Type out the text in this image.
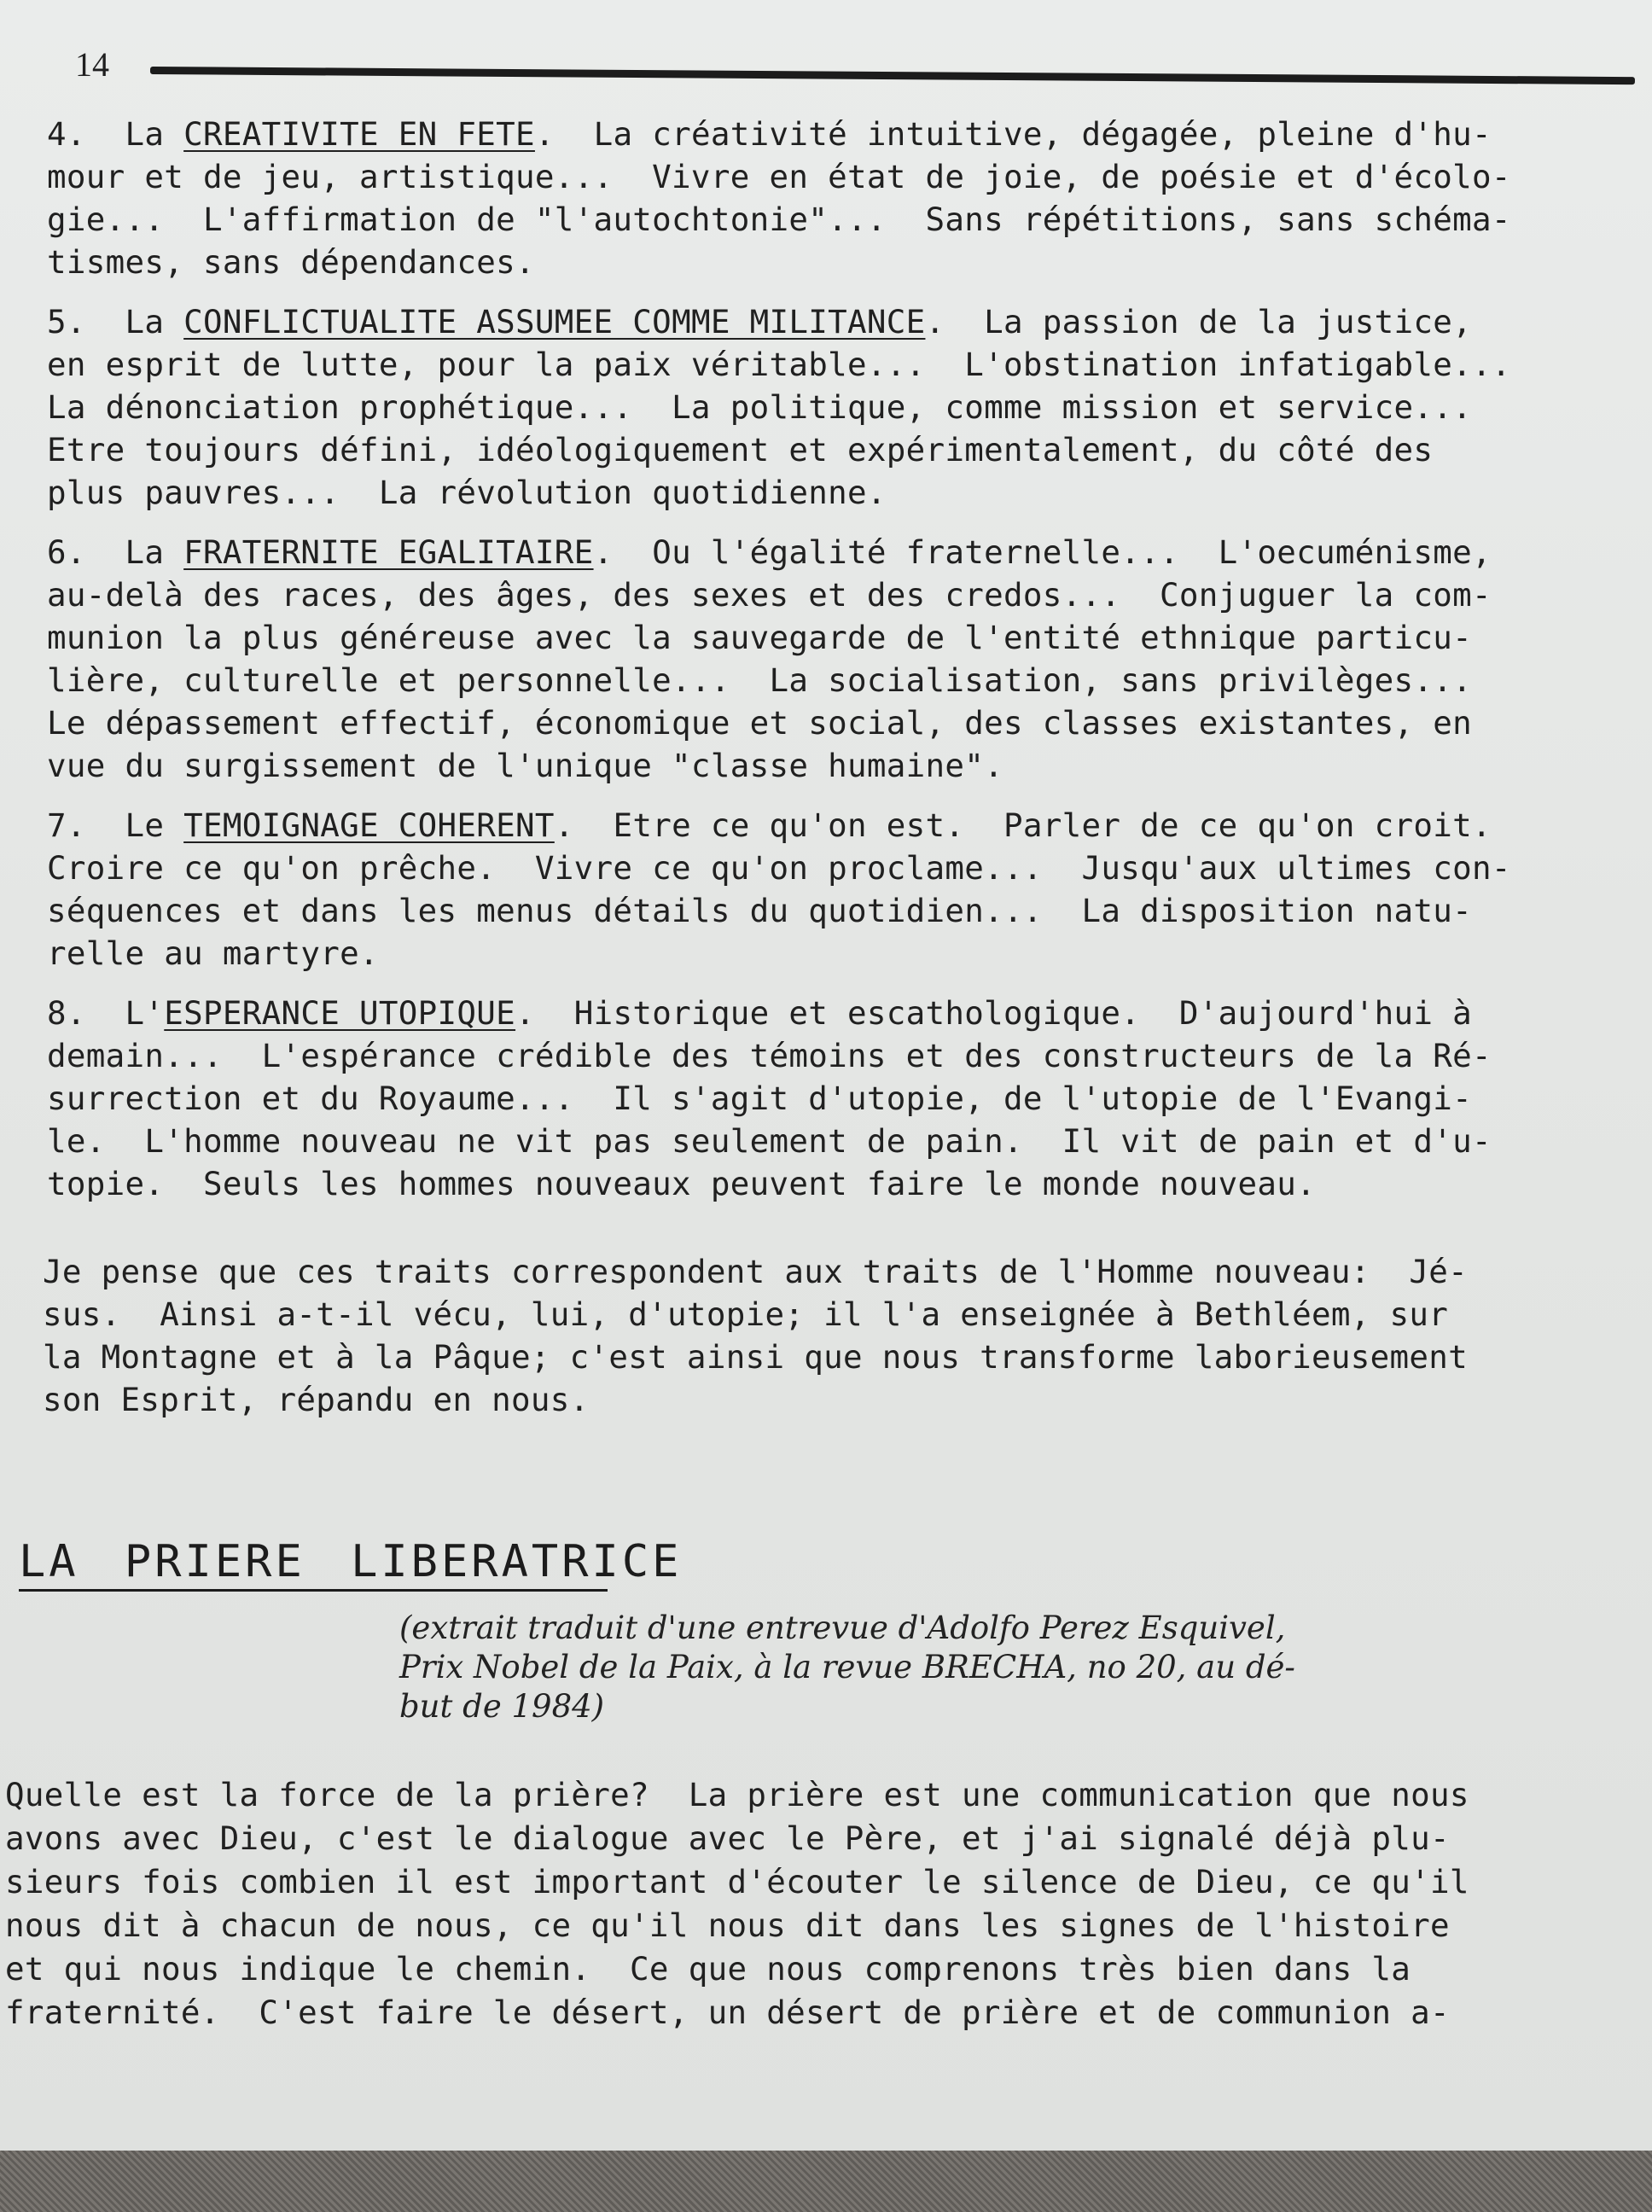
14
4.  La CREATIVITE EN FETE.  La créativité intuitive, dégagée, pleine d'hu-
mour et de jeu, artistique...  Vivre en état de joie, de poésie et d'écolo-
gie...  L'affirmation de "l'autochtonie"...  Sans répétitions, sans schéma-
tismes, sans dépendances.
5.  La CONFLICTUALITE ASSUMEE COMME MILITANCE.  La passion de la justice,
en esprit de lutte, pour la paix véritable...  L'obstination infatigable...
La dénonciation prophétique...  La politique, comme mission et service...
Etre toujours défini, idéologiquement et expérimentalement, du côté des
plus pauvres...  La révolution quotidienne.
6.  La FRATERNITE EGALITAIRE.  Ou l'égalité fraternelle...  L'oecuménisme,
au-delà des races, des âges, des sexes et des credos...  Conjuguer la com-
munion la plus généreuse avec la sauvegarde de l'entité ethnique particu-
lière, culturelle et personnelle...  La socialisation, sans privilèges...
Le dépassement effectif, économique et social, des classes existantes, en
vue du surgissement de l'unique "classe humaine".
7.  Le TEMOIGNAGE COHERENT.  Etre ce qu'on est.  Parler de ce qu'on croit.
Croire ce qu'on prêche.  Vivre ce qu'on proclame...  Jusqu'aux ultimes con-
séquences et dans les menus détails du quotidien...  La disposition natu-
relle au martyre.
8.  L'ESPERANCE UTOPIQUE.  Historique et escathologique.  D'aujourd'hui à
demain...  L'espérance crédible des témoins et des constructeurs de la Ré-
surrection et du Royaume...  Il s'agit d'utopie, de l'utopie de l'Evangi-
le.  L'homme nouveau ne vit pas seulement de pain.  Il vit de pain et d'u-
topie.  Seuls les hommes nouveaux peuvent faire le monde nouveau.
Je pense que ces traits correspondent aux traits de l'Homme nouveau:  Jé-
sus.  Ainsi a-t-il vécu, lui, d'utopie; il l'a enseignée à Bethléem, sur
la Montagne et à la Pâque; c'est ainsi que nous transforme laborieusement
son Esprit, répandu en nous.
LA PRIERE LIBERATRICE
(extrait traduit d'une entrevue d'Adolfo Perez Esquivel,
Prix Nobel de la Paix, à la revue BRECHA, no 20, au dé-
but de 1984)
Quelle est la force de la prière?  La prière est une communication que nous
avons avec Dieu, c'est le dialogue avec le Père, et j'ai signalé déjà plu-
sieurs fois combien il est important d'écouter le silence de Dieu, ce qu'il
nous dit à chacun de nous, ce qu'il nous dit dans les signes de l'histoire
et qui nous indique le chemin.  Ce que nous comprenons très bien dans la
fraternité.  C'est faire le désert, un désert de prière et de communion a-
